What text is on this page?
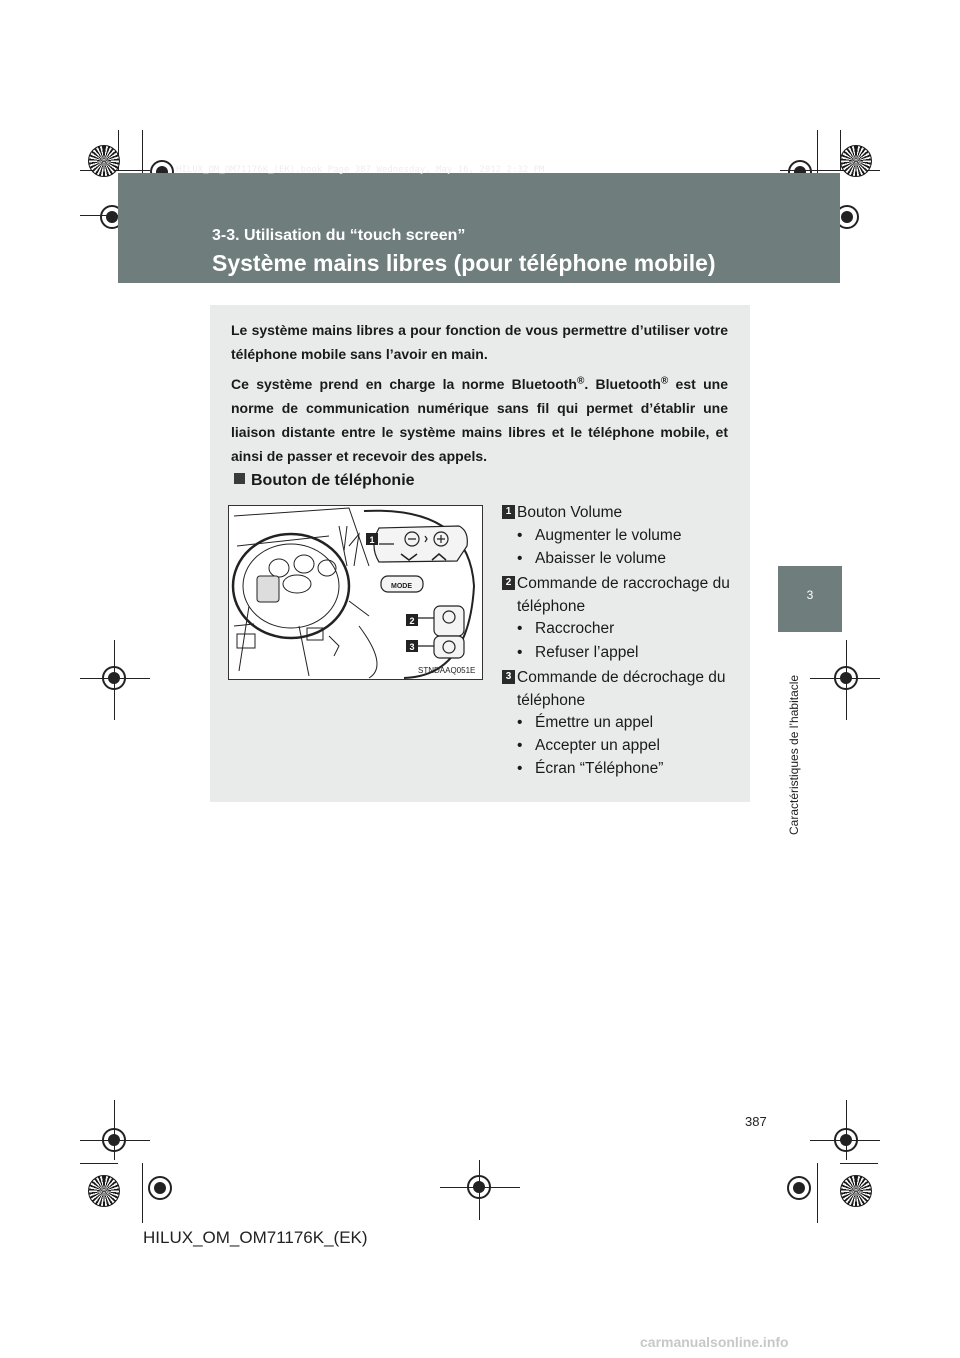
HILUX_OM_OM71176K_(EK).book Page 387 Wednesday, May 16, 2012 2:32 PM
3-3. Utilisation du “touch screen”
Système mains libres (pour téléphone mobile)
3
Caractéristiques de l’habitacle

Le système mains libres a pour fonction de vous permettre d’utiliser votre téléphone mobile sans l’avoir en main.

Ce système prend en charge la norme Bluetooth®. Bluetooth® est une norme de communication numérique sans fil qui permet d’établir une liaison distante entre le système mains libres et le téléphone mobile, et ainsi de passer et recevoir des appels.

Bouton de téléphonie
MODE
1
2
3
STNDAAQ051E
1 Bouton Volume
• Augmenter le volume
• Abaisser le volume
2 Commande de raccrochage du téléphone
• Raccrocher
• Refuser l’appel
3 Commande de décrochage du téléphone
• Émettre un appel
• Accepter un appel
• Écran “Téléphone”
387
HILUX_OM_OM71176K_(EK)
carmanualsonline.info
